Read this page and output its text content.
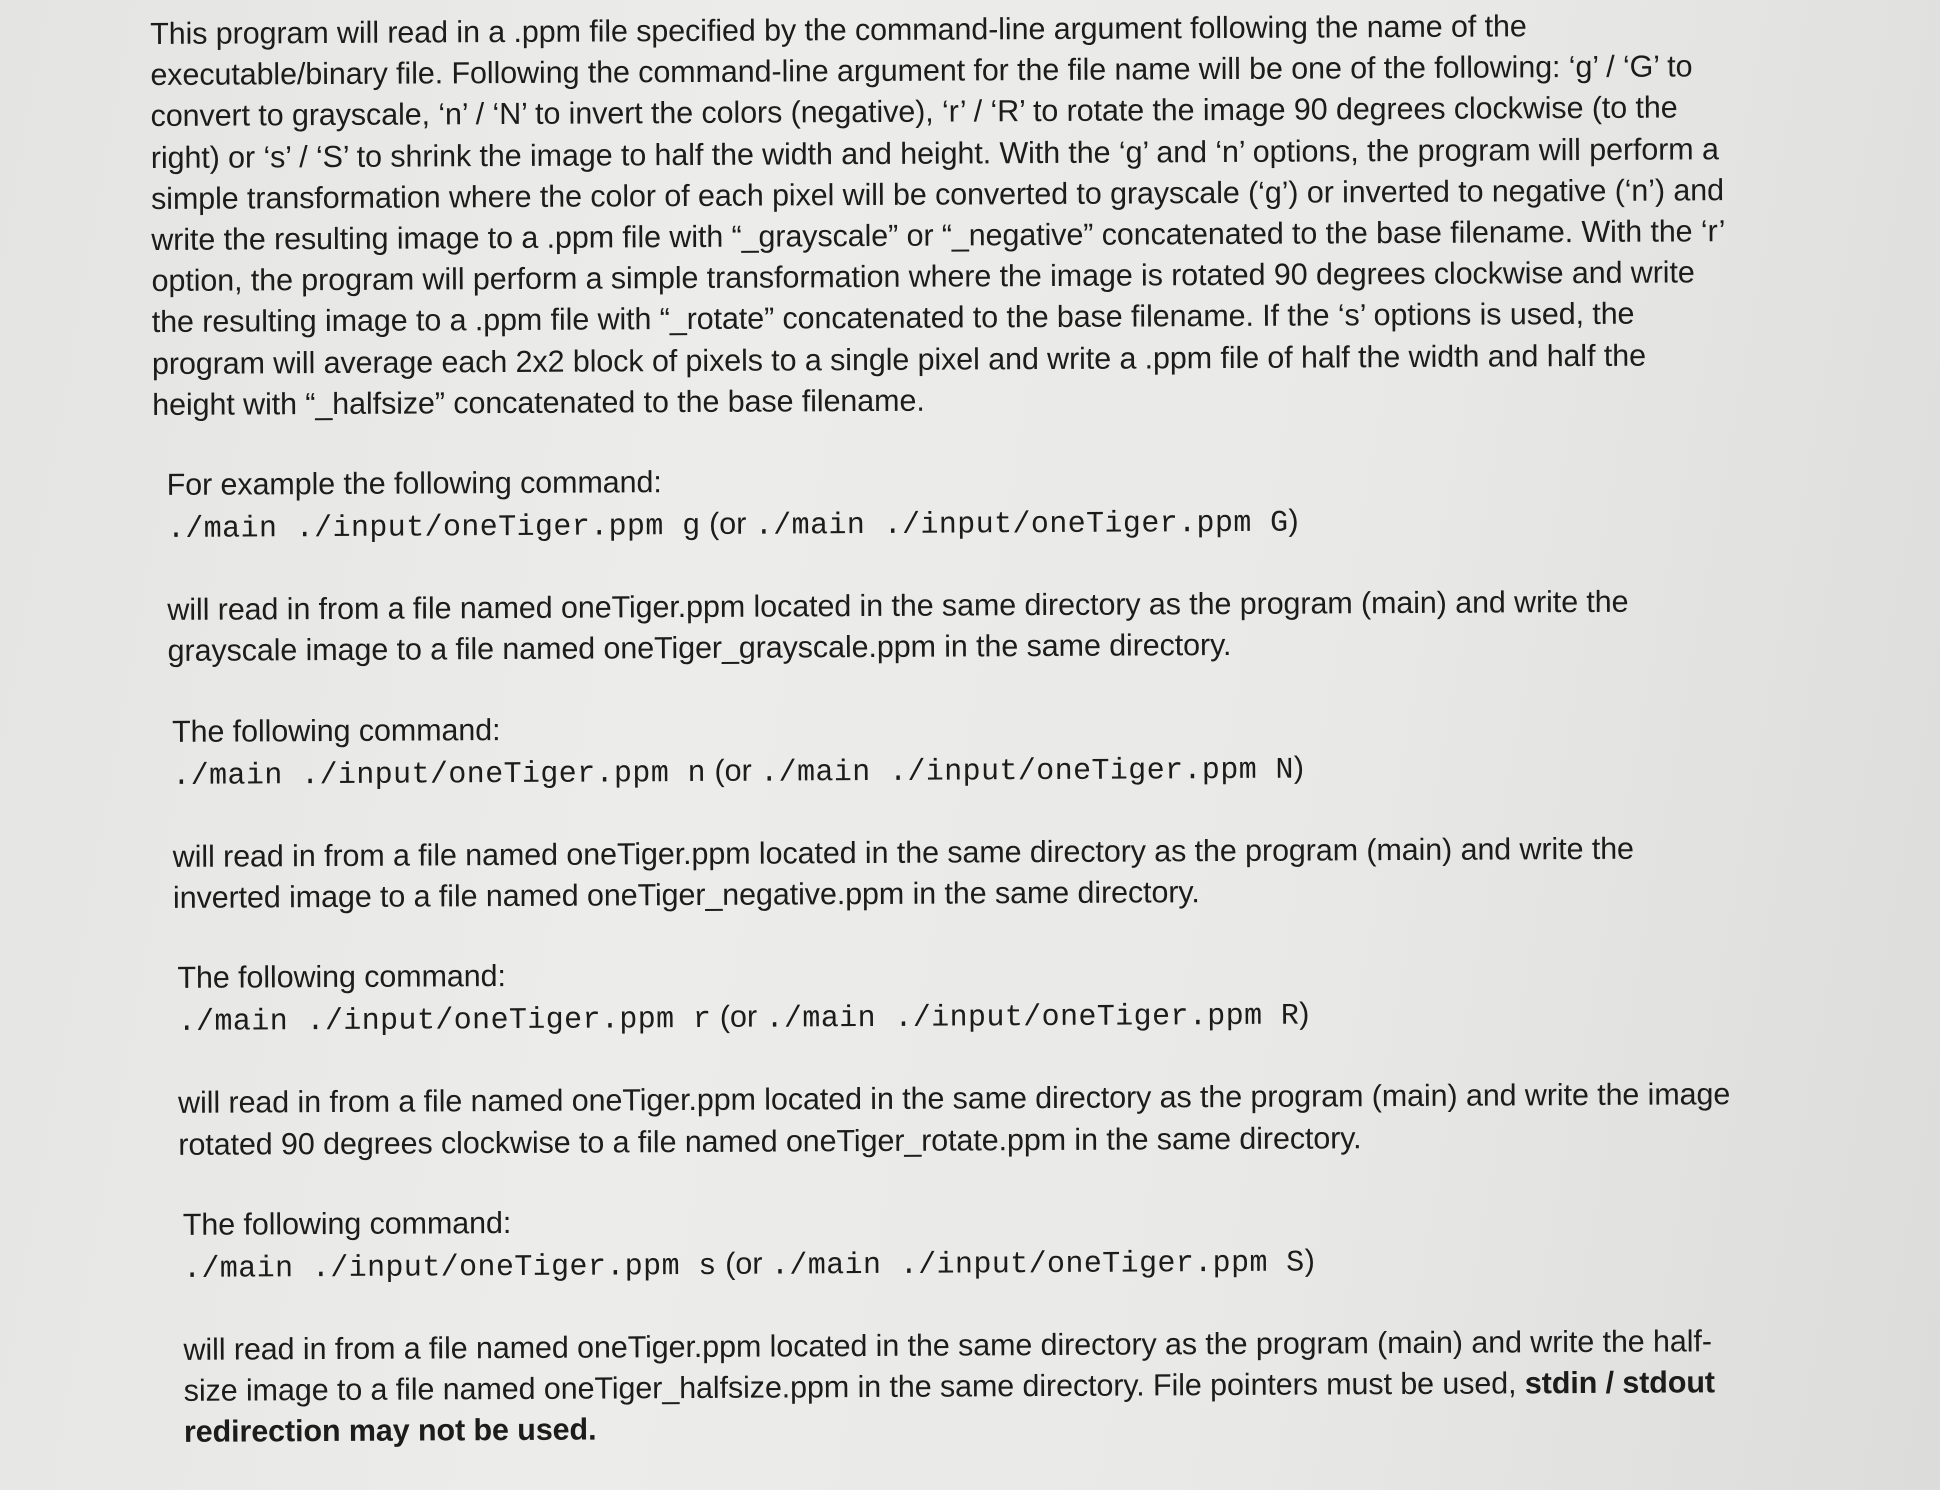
This program will read in a .ppm file specified by the command-line argument following the name of the executable/binary file. Following the command-line argument for the file name will be one of the following: ‘g’ / ‘G’ to convert to grayscale, ‘n’ / ‘N’ to invert the colors (negative), ‘r’ / ‘R’ to rotate the image 90 degrees clockwise (to the right) or ‘s’ / ‘S’ to shrink the image to half the width and height. With the ‘g’ and ‘n’ options, the program will perform a simple transformation where the color of each pixel will be converted to grayscale (‘g’) or inverted to negative (‘n’) and write the resulting image to a .ppm file with “_grayscale” or “_negative” concatenated to the base filename. With the ‘r’ option, the program will perform a simple transformation where the image is rotated 90 degrees clockwise and write the resulting image to a .ppm file with “_rotate” concatenated to the base filename. If the ‘s’ options is used, the program will average each 2x2 block of pixels to a single pixel and write a .ppm file of half the width and half the height with “_halfsize” concatenated to the base filename.

For example the following command:

./main ./input/oneTiger.ppm g (or ./main ./input/oneTiger.ppm G)

will read in from a file named oneTiger.ppm located in the same directory as the program (main) and write the grayscale image to a file named oneTiger_grayscale.ppm in the same directory.

The following command:

./main ./input/oneTiger.ppm n (or ./main ./input/oneTiger.ppm N)

will read in from a file named oneTiger.ppm located in the same directory as the program (main) and write the inverted image to a file named oneTiger_negative.ppm in the same directory.

The following command:

./main ./input/oneTiger.ppm r (or ./main ./input/oneTiger.ppm R)

will read in from a file named oneTiger.ppm located in the same directory as the program (main) and write the image rotated 90 degrees clockwise to a file named oneTiger_rotate.ppm in the same directory.

The following command:

./main ./input/oneTiger.ppm s (or ./main ./input/oneTiger.ppm S)

will read in from a file named oneTiger.ppm located in the same directory as the program (main) and write the half-size image to a file named oneTiger_halfsize.ppm in the same directory. File pointers must be used, stdin / stdout redirection may not be used.
